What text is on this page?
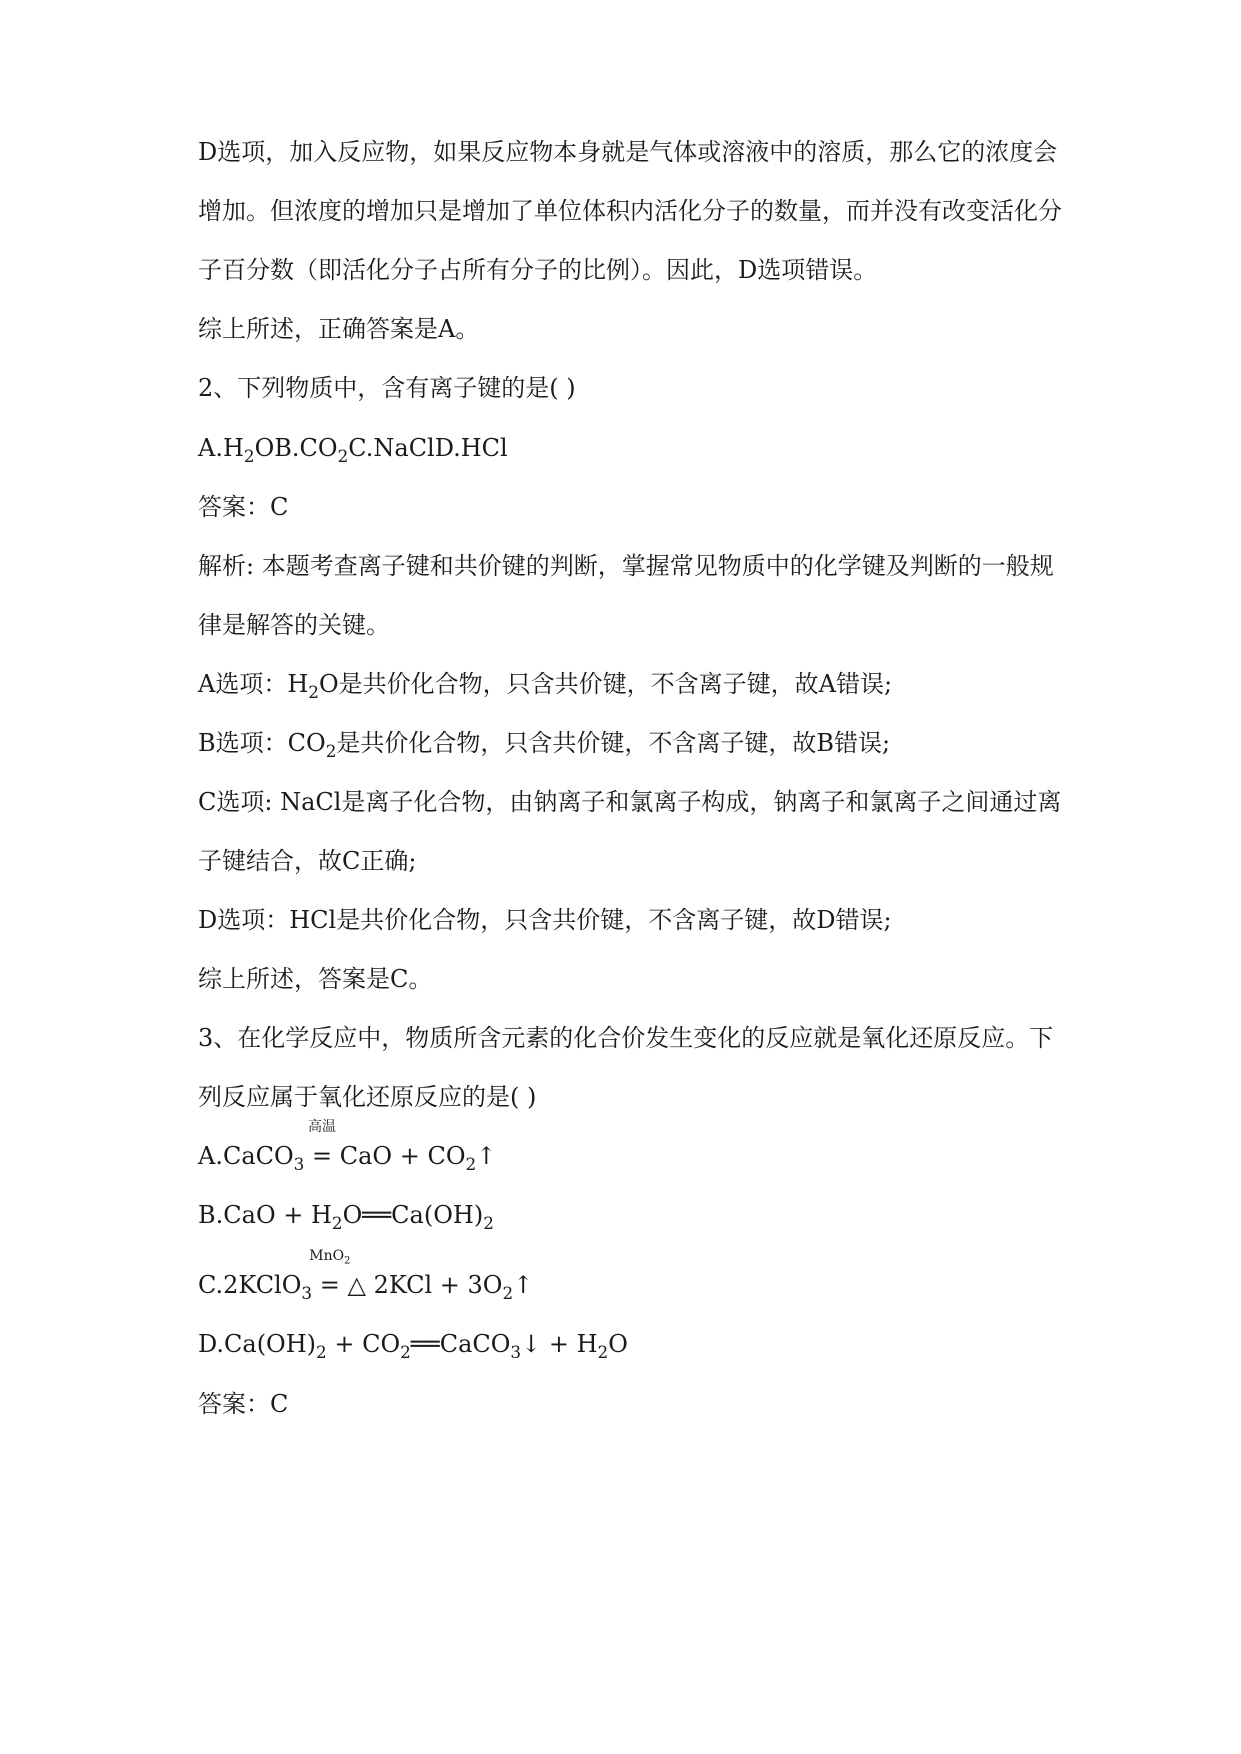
D选项，加入反应物，如果反应物本身就是气体或溶液中的溶质，那么它的浓度会
增加。但浓度的增加只是增加了单位体积内活化分子的数量，而并没有改变活化分
子百分数（即活化分子占所有分子的比例）。因此，D选项错误。
综上所述，正确答案是A。
2、下列物质中，含有离子键的是( )
$A.H_2OB.CO_2C.NaClD.HCl$
答案：C
解析: 本题考查离子键和共价键的判断，掌握常见物质中的化学键及判断的一般规
律是解答的关键。
A选项：$H_2O$是共价化合物，只含共价键，不含离子键，故A错误;
B选项：$CO_2$是共价化合物，只含共价键，不含离子键，故B错误;
C选项: NaCl是离子化合物，由钠离子和氯离子构成，钠离子和氯离子之间通过离
子键结合，故C正确;
D选项：HCl是共价化合物，只含共价键，不含离子键，故D错误;
综上所述，答案是C。
3、在化学反应中，物质所含元素的化合价发生变化的反应就是氧化还原反应。下
列反应属于氧化还原反应的是( )
A.CaCO$_3$
高温
= CaO + $CO_2↑$
$B.CaO + H_2O══Ca(OH)_2$
C.2KClO$_3$
MnO$_2$
= △ $2KCl + 3O_2↑$
$D.Ca(OH)_2$ + $CO_2══CaCO_3↓ + H_2O$
答案：C
